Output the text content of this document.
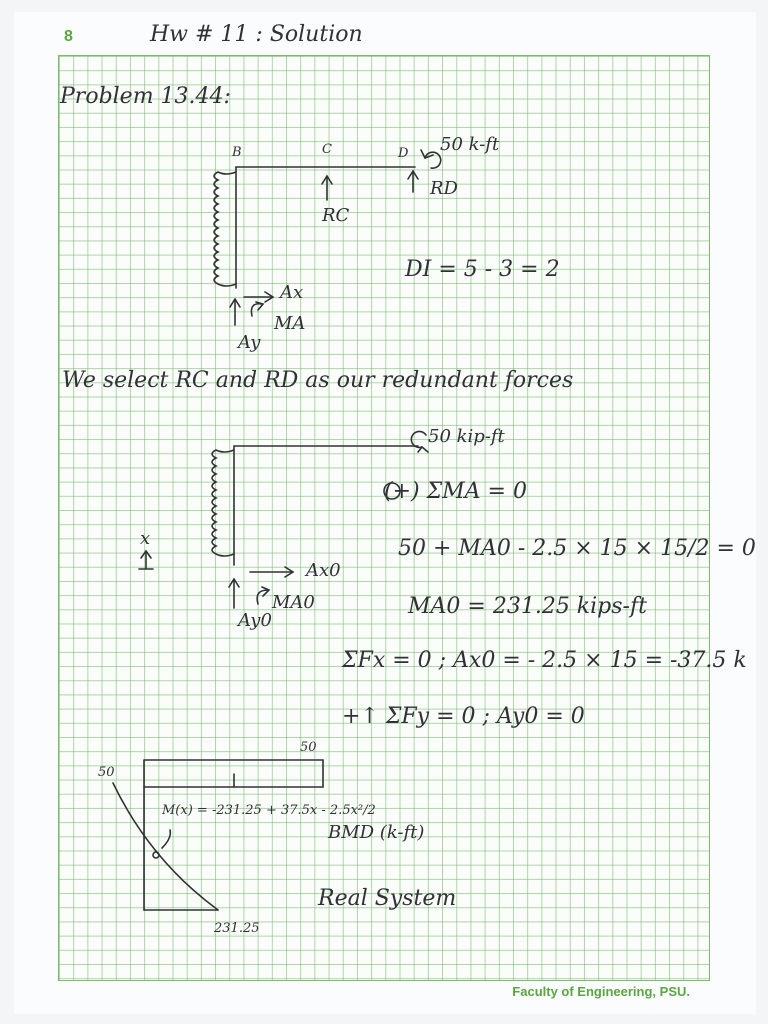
8	Hw # 11 : Solution
Problem 13.44:
B	C	D 50 k-ft
RC
RD
Ax
MA
Ay
DI = 5 - 3 = 2
We select RC and RD as our redundant forces
50 kip-ft
x
Ax0
MA0
Ay0
(+) ΣMA = 0
50 + MA0 - 2.5 × 15 × 15/2 = 0
MA0 = 231.25 kips-ft
ΣFx = 0 ; Ax0 = - 2.5 × 15 = -37.5 k
+↑ ΣFy = 0 ; Ay0 = 0
50
50
M(x) = -231.25 + 37.5x - 2.5x²/2
BMD (k-ft)
Real System
231.25
Faculty of Engineering, PSU.
